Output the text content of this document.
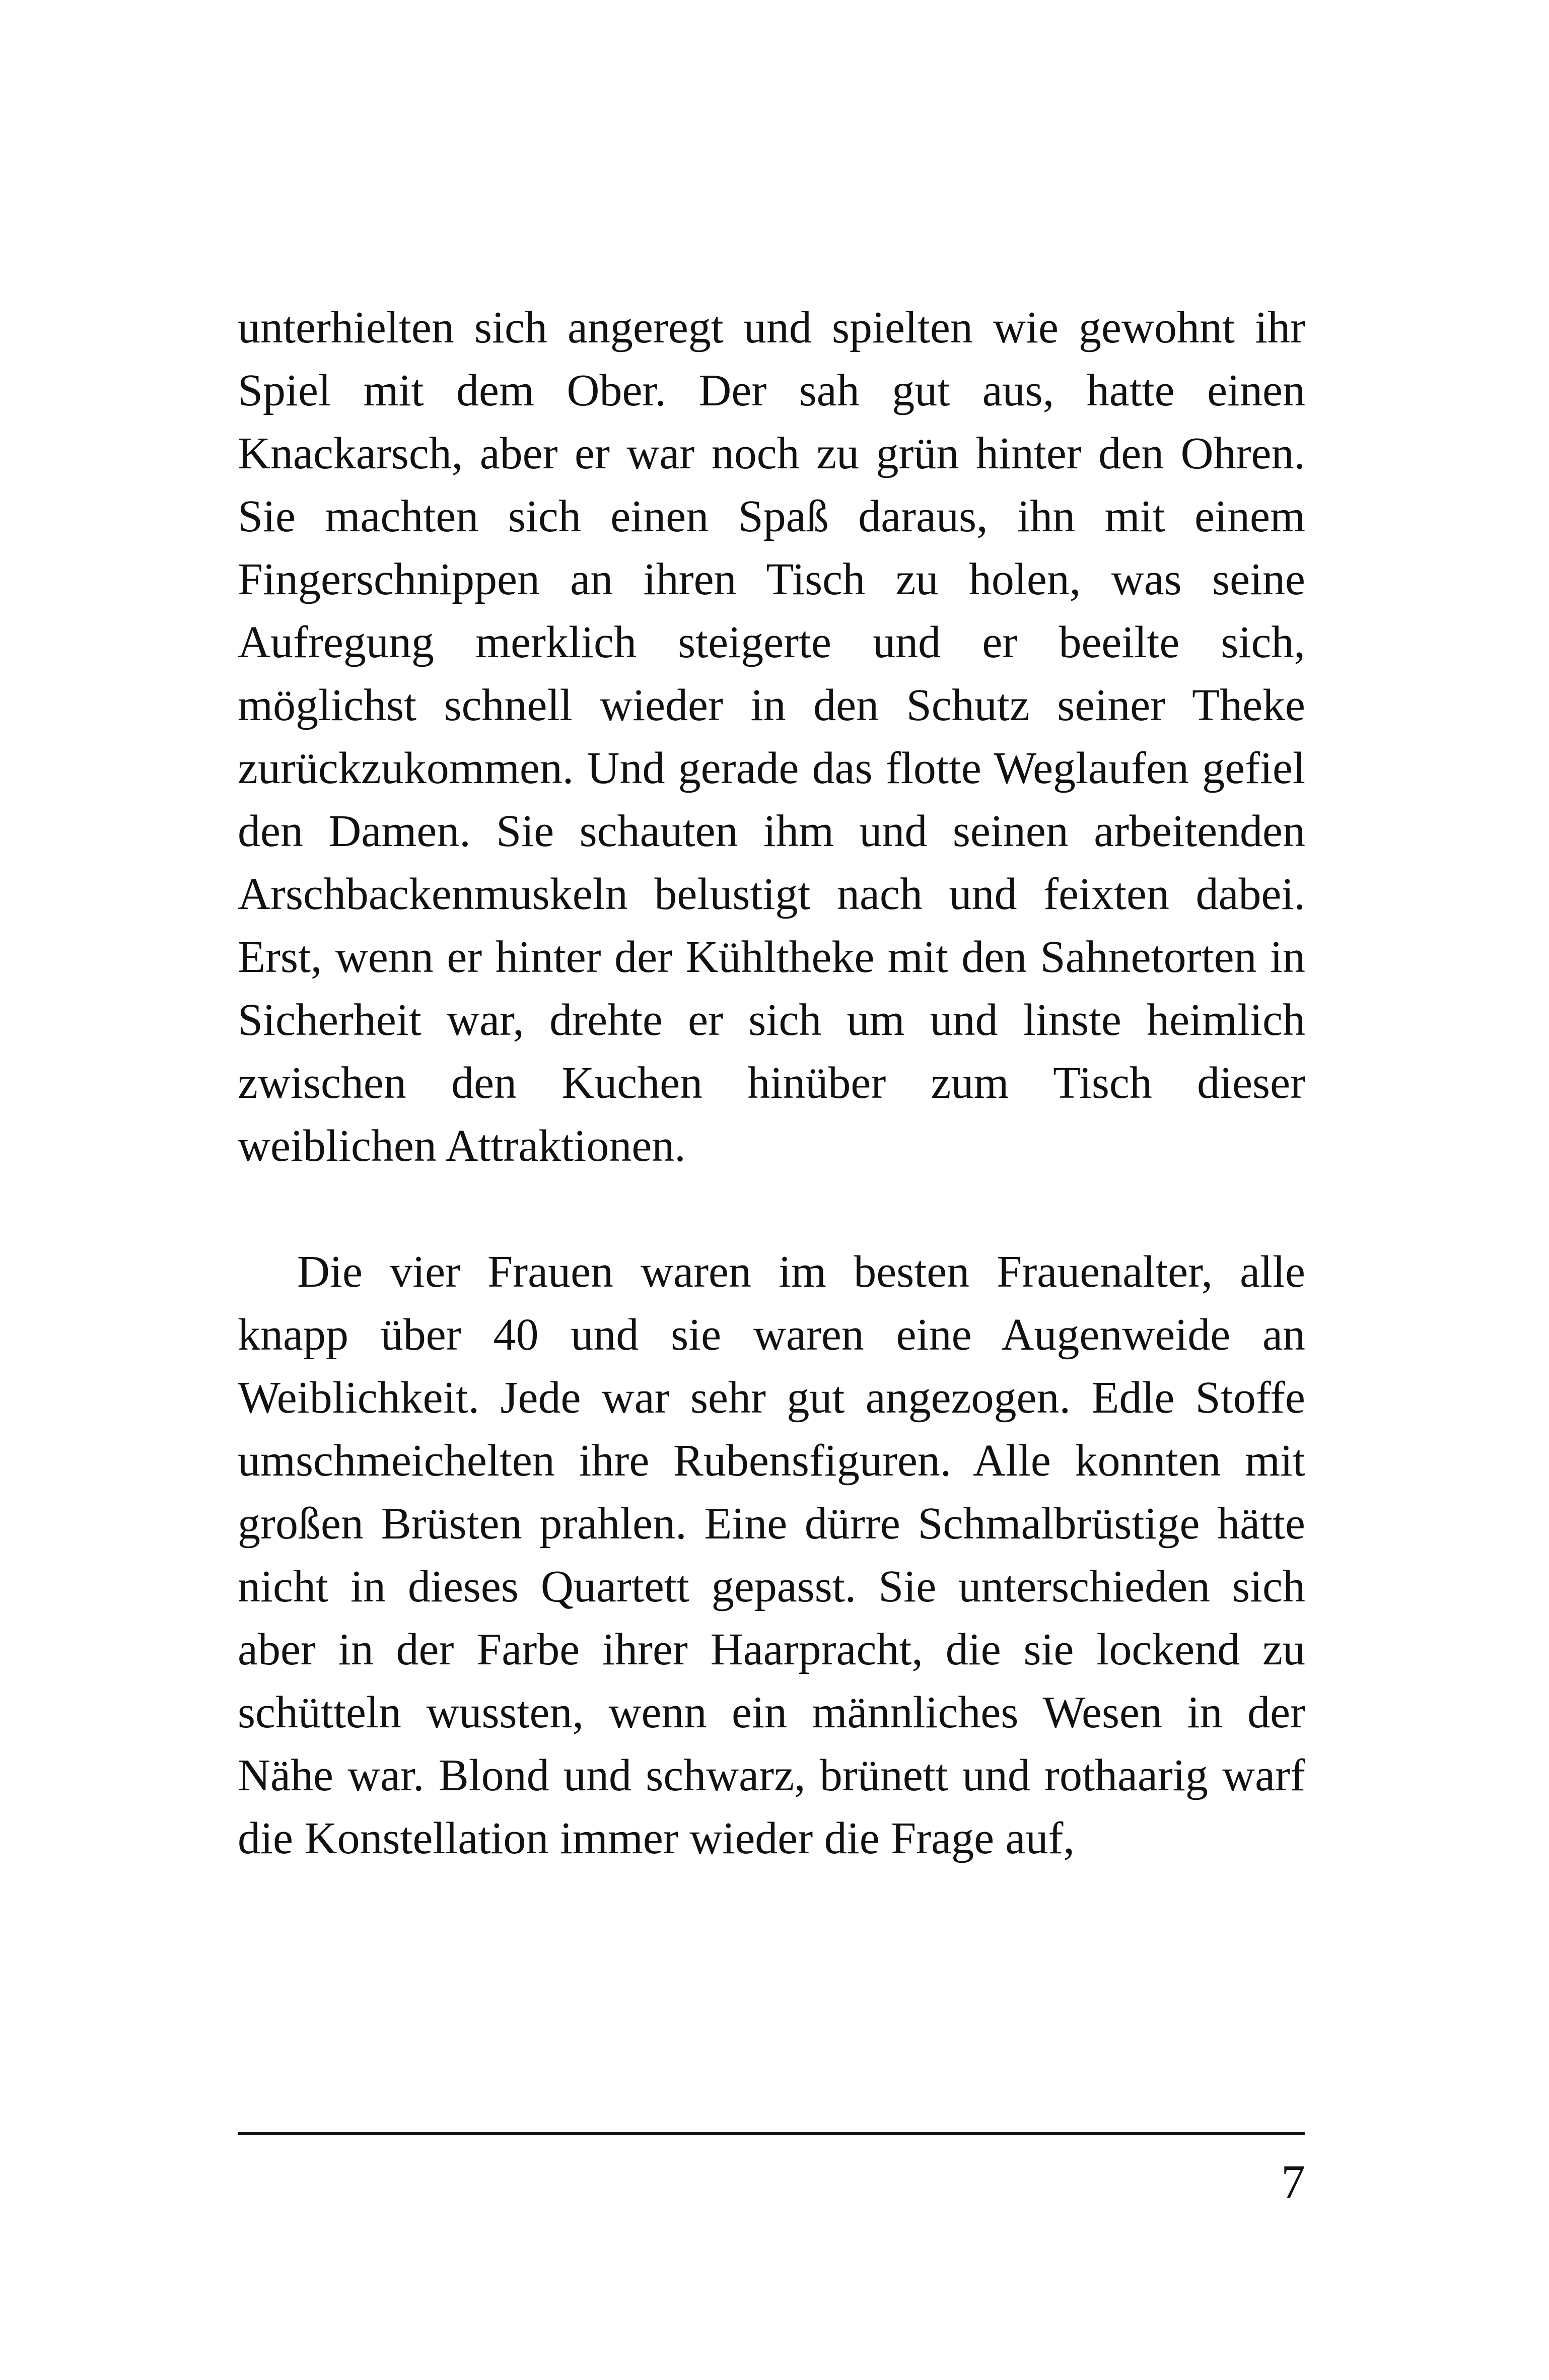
unterhielten sich angeregt und spielten wie gewohnt ihr Spiel mit dem Ober. Der sah gut aus, hatte einen Knackarsch, aber er war noch zu grün hinter den Ohren. Sie machten sich einen Spaß daraus, ihn mit einem Fingerschnippen an ihren Tisch zu holen, was seine Aufregung merklich steigerte und er beeilte sich, möglichst schnell wieder in den Schutz seiner Theke zurückzukommen. Und gerade das flotte Weglaufen gefiel den Damen. Sie schauten ihm und seinen arbeitenden Arschbackenmuskeln belustigt nach und feixten dabei. Erst, wenn er hinter der Kühltheke mit den Sahnetorten in Sicherheit war, drehte er sich um und linste heimlich zwischen den Kuchen hinüber zum Tisch dieser weiblichen Attraktionen.

Die vier Frauen waren im besten Frauenalter, alle knapp über 40 und sie waren eine Augenweide an Weiblichkeit. Jede war sehr gut angezogen. Edle Stoffe umschmeichelten ihre Rubensfiguren. Alle konnten mit großen Brüsten prahlen. Eine dürre Schmalbrüstige hätte nicht in dieses Quartett gepasst. Sie unterschieden sich aber in der Farbe ihrer Haarpracht, die sie lockend zu schütteln wussten, wenn ein männliches Wesen in der Nähe war. Blond und schwarz, brünett und rothaarig warf die Konstellation immer wieder die Frage auf,

7
